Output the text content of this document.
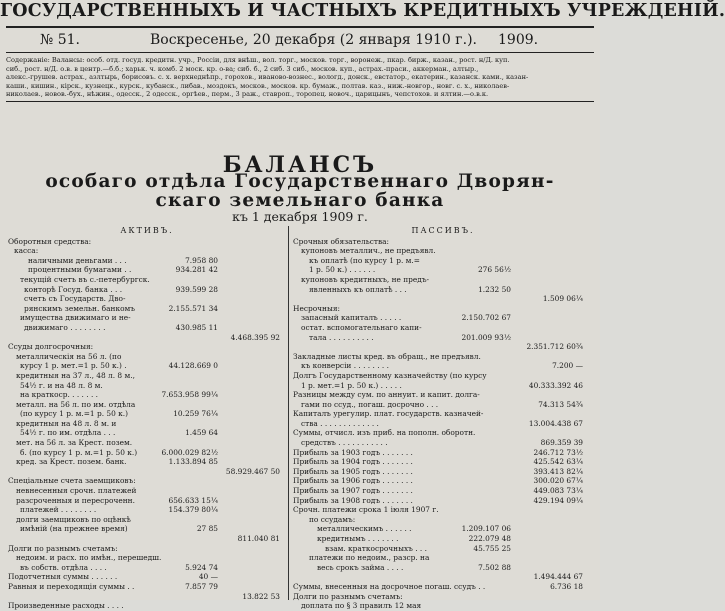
ГОСУДАРСТВЕННЫХЪ И ЧАСТНЫХЪ КРЕДИТНЫХЪ УЧРЕЖДЕНІЙ.
№ 51.	Воскресенье, 20 декабря (2 января 1910 г.). 1909.
Содержаніе: Валансы: особ. отд. госуд. кредитн. учр., Россіи, для внѣш., вол. торг., москов. торг., воронеж., пкар. бирж., казан., рост. н/Д. куп.
сиб., рост. н/Д. о.в. в центр.—б.б.; харьк. ч. комб. 2 моск. кр. о-ва; сиб. б., 2 сиб. 3 сиб., москов. куп., астрах.-праси., аккерман., алтыр.,
алекс.-грушев. астрах., азлтырь, борисовъ. с. х. верхнеднѣпр., горохов., иваново-вознес., вологд., донск., евстатор., екатерин., казанск. ками., казан-
каши., кишин., кірск., кузнецк., курск., кубанск., либав., моздокъ, москов., москов. кр. бумаж., полтав. каз., ниж.-новгор., новг. с. х., николаев-
николаев., новов.-бух., нѣжин., одесск., 2 одесск., оргѣев., перм., 3 раж., ставроп., торопец. новоч., царицынъ, чепстохов. и ялтин.—о.в.к.
БАЛАНСЪ
особаго отдѣла Государственнаго Дворян-
скаго земельнаго банка
къ 1 декабря 1909 г.
АКТИВЪ.
Оборотныя средства:
касса:
наличными деньгами . . .	7.958 80
процентными бумагами . .	934.281 42
текущій счетъ въ с.-петербургск.
конторѣ Госуд. банка . . .	939.599 28
счетъ съ Государств. Дво-
рянскимъ земельн. банкомъ	2.155.571 34
имущества движимаго и не-
движимаго . . . . . . . .	430.985 11
4.468.395 92
Ссуды долгосрочныя:
металлическія на 56 л. (по
курсу 1 р. мет.=1 р. 50 к.) .	44.128.669 0
кредитныя на 37 л., 48 л. 8 м.,
54½ г. и на 48 л. 8 м.
на краткоср. . . . . . .	7.653.958 99¼
металл. на 56 л. по им. отдѣла
(по курсу 1 р. м.=1 р. 50 к.)	10.259 76¼
кредитныя на 48 л. 8 м. и
54½ г. по им. отдѣла . . .	1.459 64
мет. на 56 л. за Крест. позем.
б. (по курсу 1 р. м.=1 р. 50 к.)	6.000.029 82½
кред. за Крест. позем. банк.	1.133.894 85
58.929.467 50
Спеціальные счета заемщиковъ:
невнесенныя срочн. платежей
разсроченныя и пересроченн.	656.633 15¼
платежей . . . . . . . .	154.379 80¼
долги заемщиковъ по оцѣнкѣ
имѣній (на прежнее время)	27 85
811.040 81
Долги по разнымъ счетамъ:
недоим. и расх. по имѣн., перешедш.
въ собств. отдѣла . . . .	5.924 74
Подотчетныя суммы . . . . . .	40 —
Равныя и переходящія суммы . .	7.857 79
13.822 53
Произведенные расходы . . . .
ПАССИВЪ.
Срочныя обязательства:
купоновъ металлич., не предъявл.
къ оплатѣ (по курсу 1 р. м.=
1 р. 50 к.) . . . . . .	276 56½
купоновъ кредитныхъ, не предъ-
явленныхъ къ оплатѣ . . .	1.232 50
1.509 06¼
Несрочныя:
запасный капиталъ . . . . .	2.150.702 67
остат. вспомогательнаго капи-
тала . . . . . . . . . .	201.009 93½
2.351.712 60¾
Закладные листы кред. въ обращ., не предъявл.
къ конверсіи . . . . . . . .	7.200 —
Долгъ Государственному казначейству (по курсу
1 р. мет.=1 р. 50 к.) . . . . .	40.333.392 46
Разницы между сум. по аннуит. и капит. долга-
гами по ссуд., погаш. досрочно . . .	74.313 54¾
Капиталъ урегулир. плат. государств. казначей-
ства . . . . . . . . . . . . .	13.004.438 67
Суммы, отчисл. изъ приб. на пополн. оборотн.
средствъ . . . . . . . . . . .	869.359 39
Прибыль за 1903 годъ . . . . . . .	246.712 73½
Прибыль за 1904 годъ . . . . . . .	425.542 63¼
Прибыль за 1905 годъ . . . . . . .	393.413 82¼
Прибыль за 1906 годъ . . . . . . .	300.020 67¼
Прибыль за 1907 годъ . . . . . . .	449.083 73¼
Прибыль за 1908 годъ . . . . . . .	429.194 09¼
Срочн. платежи срока 1 іюля 1907 г.
по ссудамъ:
металлическимъ . . . . . .	1.209.107 06
кредитнымъ . . . . . . .	222.079 48
взам. краткосрочныхъ . . .	45.755 25
платежи по недоим., разср. на
весь срокъ займа . . . .	7.502 88
1.494.444 67
Суммы, внесенныя на досрочное погаш. ссудъ . .	6.736 18
Долги по разнымъ счетамъ:
доплата по § 3 правилъ 12 мая
